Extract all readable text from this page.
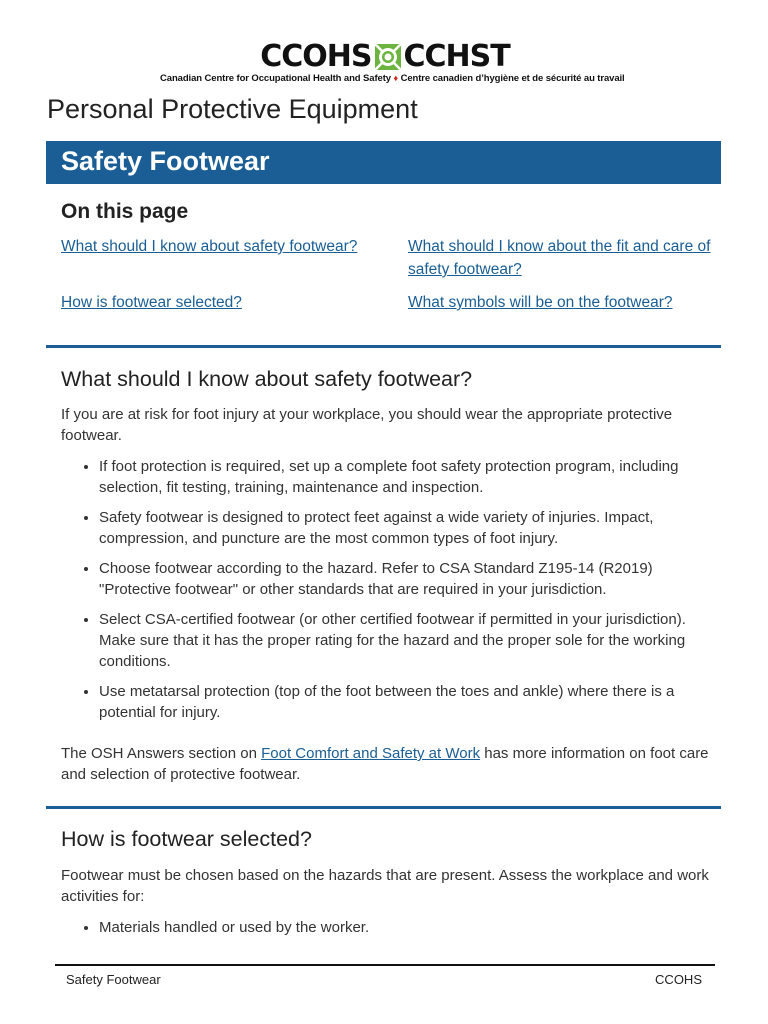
CCOHS CCHST
Canadian Centre for Occupational Health and Safety ♦ Centre canadien d’hygiène et de sécurité au travail
Personal Protective Equipment
Safety Footwear
On this page
What should I know about safety footwear?	What should I know about the fit and care of safety footwear?
How is footwear selected?	What symbols will be on the footwear?
What should I know about safety footwear?

If you are at risk for foot injury at your workplace, you should wear the appropriate protective footwear.

• If foot protection is required, set up a complete foot safety protection program, including selection, fit testing, training, maintenance and inspection.
• Safety footwear is designed to protect feet against a wide variety of injuries. Impact, compression, and puncture are the most common types of foot injury.
• Choose footwear according to the hazard. Refer to CSA Standard Z195-14 (R2019) "Protective footwear" or other standards that are required in your jurisdiction.
• Select CSA-certified footwear (or other certified footwear if permitted in your jurisdiction). Make sure that it has the proper rating for the hazard and the proper sole for the working conditions.
• Use metatarsal protection (top of the foot between the toes and ankle) where there is a potential for injury.

The OSH Answers section on Foot Comfort and Safety at Work has more information on foot care and selection of protective footwear.

How is footwear selected?

Footwear must be chosen based on the hazards that are present. Assess the workplace and work activities for:

• Materials handled or used by the worker.
Safety Footwear	CCOHS
